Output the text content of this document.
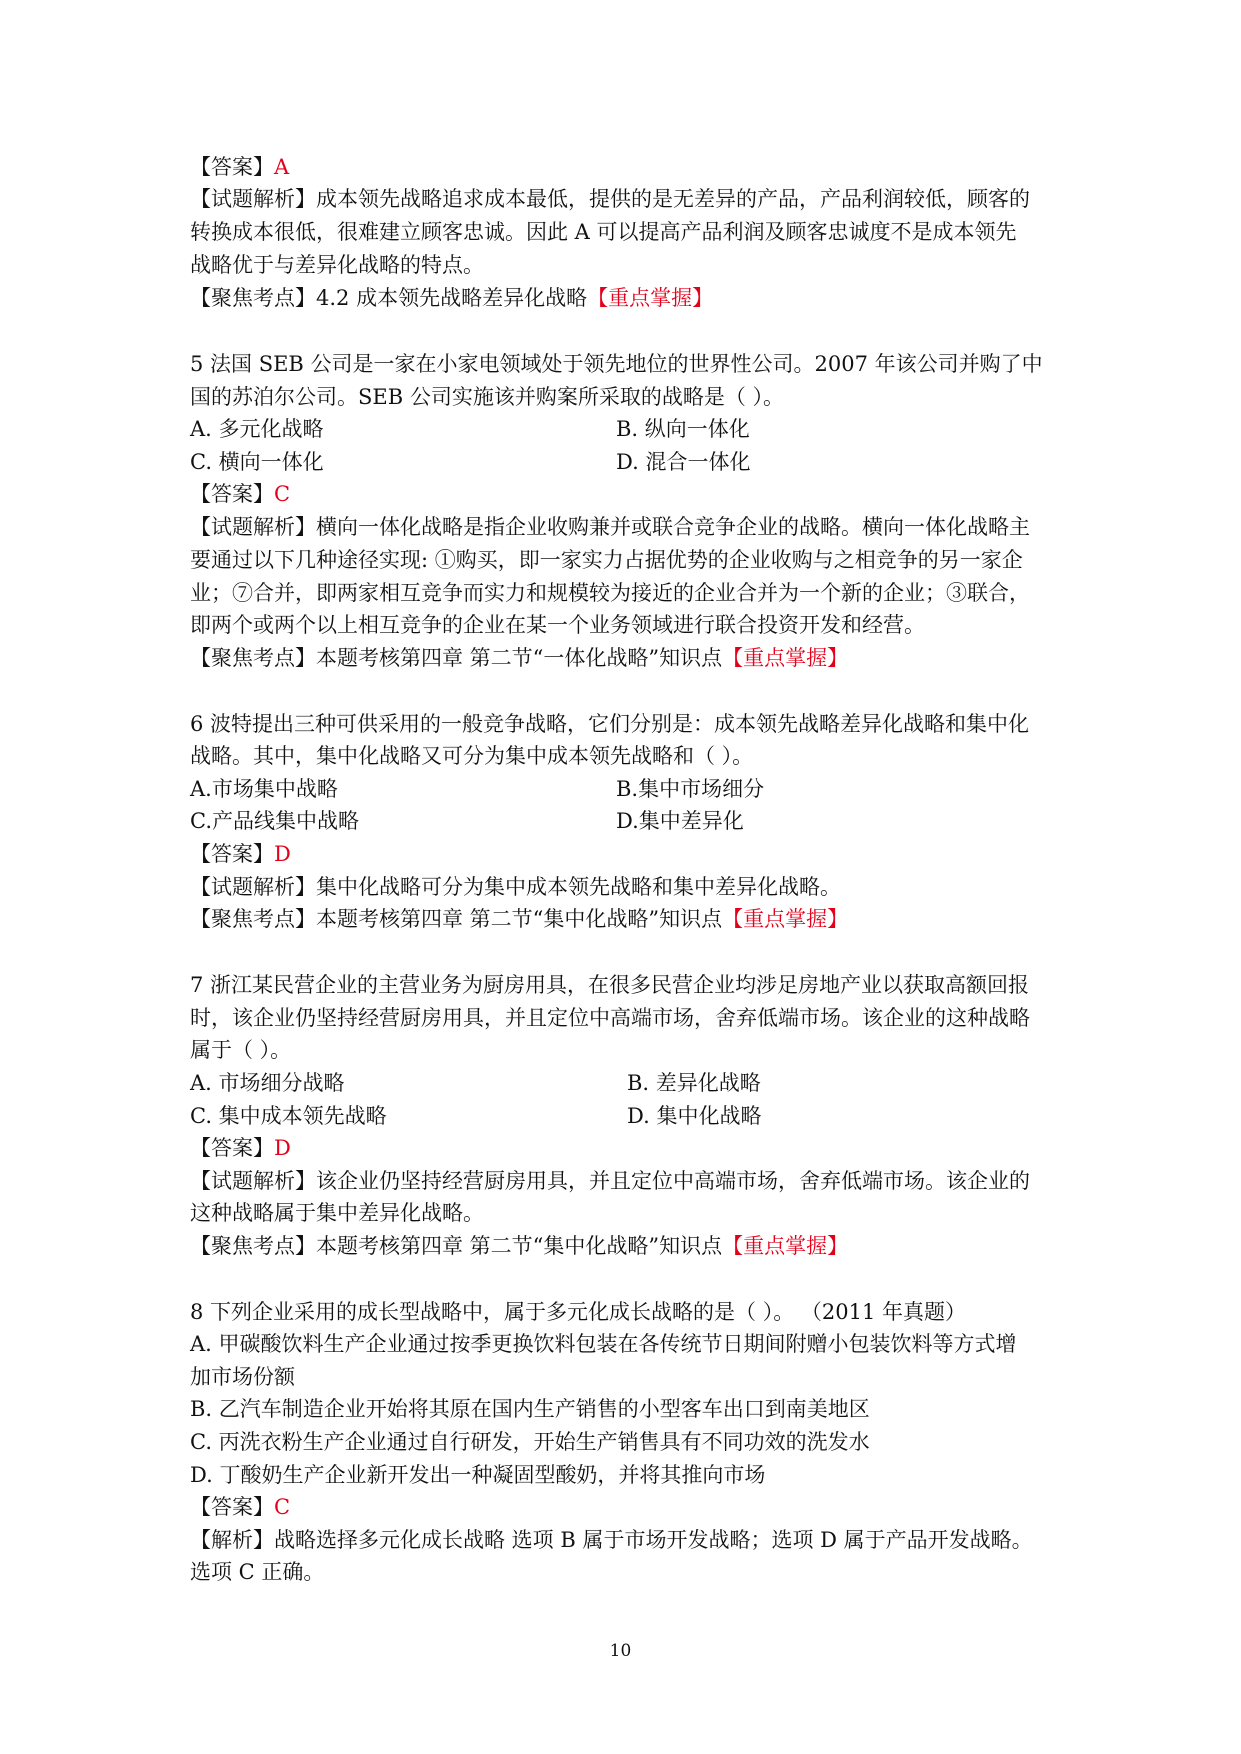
【答案】A
【试题解析】成本领先战略追求成本最低，提供的是无差异的产品，产品利润较低，顾客的
转换成本很低，很难建立顾客忠诚。因此 A 可以提高产品利润及顾客忠诚度不是成本领先
战略优于与差异化战略的特点。
【聚焦考点】4.2 成本领先战略差异化战略【重点掌握】
5 法国 SEB 公司是一家在小家电领域处于领先地位的世界性公司。2007 年该公司并购了中
国的苏泊尔公司。SEB 公司实施该并购案所采取的战略是（ ）。
A. 多元化战略	B. 纵向一体化
C. 横向一体化	D. 混合一体化
【答案】C
【试题解析】横向一体化战略是指企业收购兼并或联合竞争企业的战略。横向一体化战略主
要通过以下几种途径实现: ①购买，即一家实力占据优势的企业收购与之相竞争的另一家企
业；⑦合并，即两家相互竞争而实力和规模较为接近的企业合并为一个新的企业；③联合，
即两个或两个以上相互竞争的企业在某一个业务领域进行联合投资开发和经营。
【聚焦考点】本题考核第四章 第二节“一体化战略”知识点【重点掌握】
6 波特提出三种可供采用的一般竞争战略，它们分别是：成本领先战略差异化战略和集中化
战略。其中，集中化战略又可分为集中成本领先战略和（ ）。
A.市场集中战略	B.集中市场细分
C.产品线集中战略	D.集中差异化
【答案】D
【试题解析】集中化战略可分为集中成本领先战略和集中差异化战略。
【聚焦考点】本题考核第四章 第二节“集中化战略”知识点【重点掌握】
7 浙江某民营企业的主营业务为厨房用具，在很多民营企业均涉足房地产业以获取高额回报
时，该企业仍坚持经营厨房用具，并且定位中高端市场，舍弃低端市场。该企业的这种战略
属于（ ）。
A. 市场细分战略	B. 差异化战略
C. 集中成本领先战略	D. 集中化战略
【答案】D
【试题解析】该企业仍坚持经营厨房用具，并且定位中高端市场，舍弃低端市场。该企业的
这种战略属于集中差异化战略。
【聚焦考点】本题考核第四章 第二节“集中化战略”知识点【重点掌握】
8 下列企业采用的成长型战略中，属于多元化成长战略的是（ ）。 （2011 年真题）
A. 甲碳酸饮料生产企业通过按季更换饮料包装在各传统节日期间附赠小包装饮料等方式增
加市场份额
B. 乙汽车制造企业开始将其原在国内生产销售的小型客车出口到南美地区
C. 丙洗衣粉生产企业通过自行研发，开始生产销售具有不同功效的洗发水
D. 丁酸奶生产企业新开发出一种凝固型酸奶，并将其推向市场
【答案】C
【解析】战略选择多元化成长战略 选项 B 属于市场开发战略；选项 D 属于产品开发战略。
选项 C 正确。
10
